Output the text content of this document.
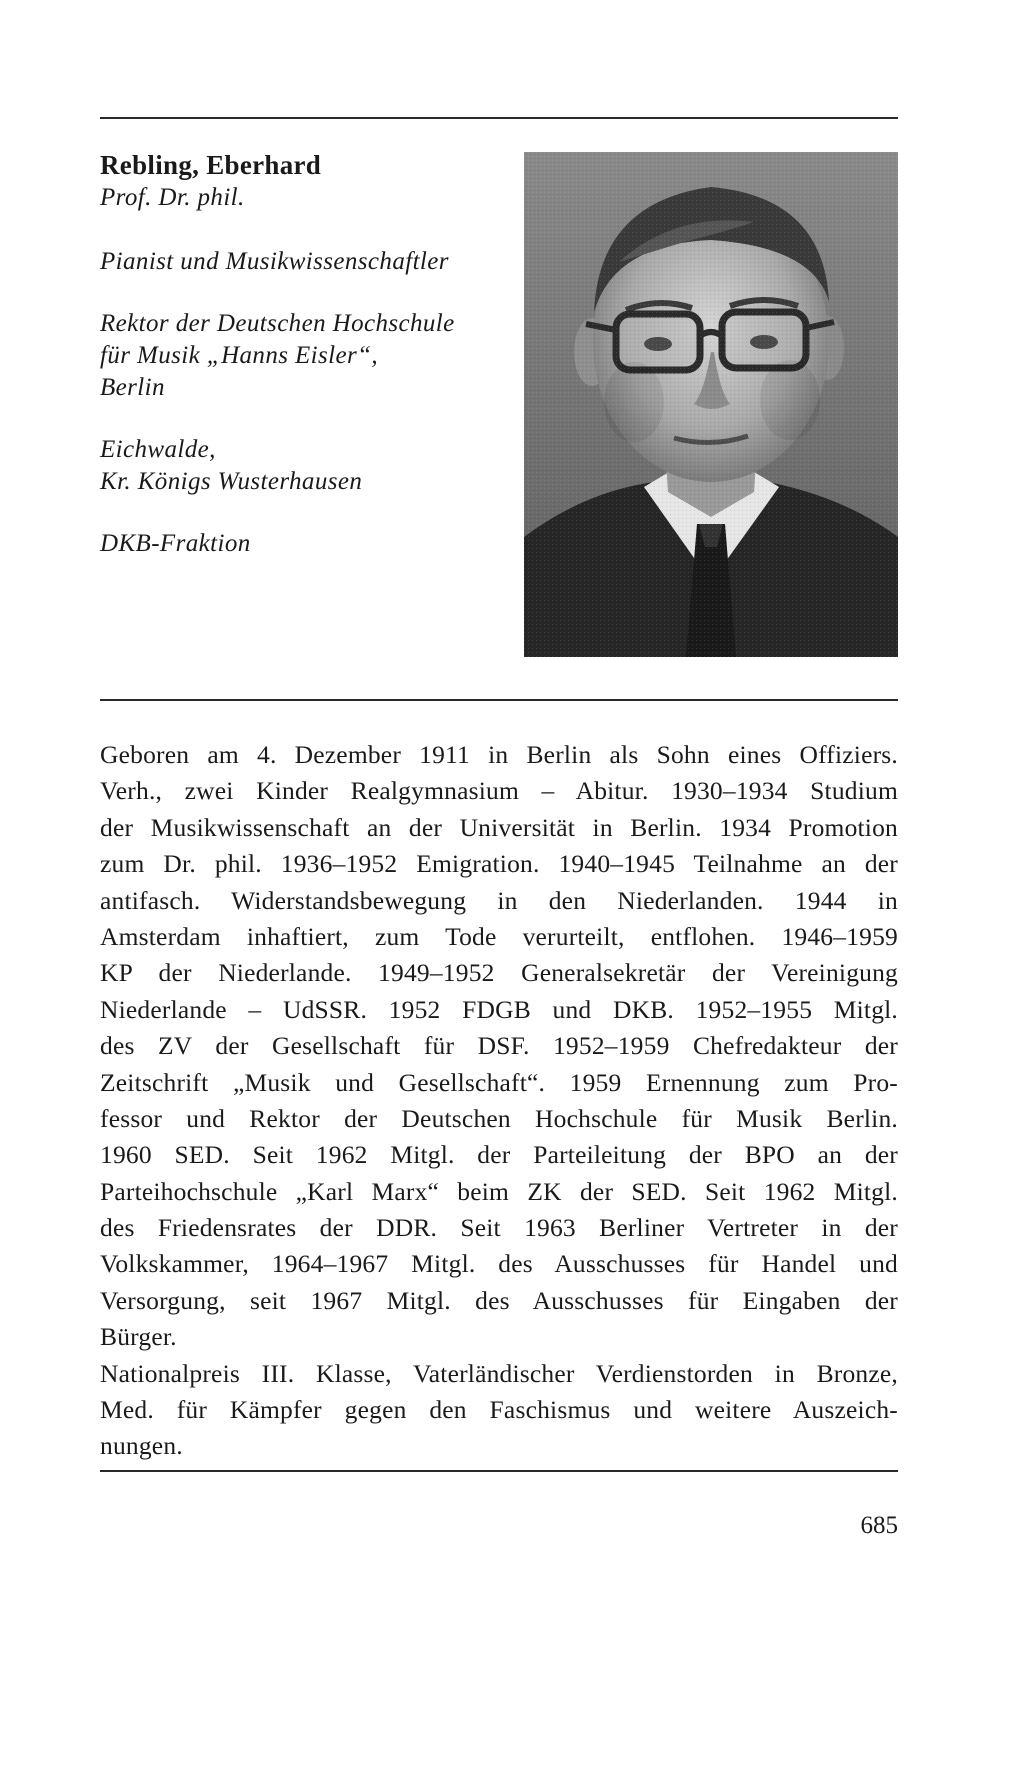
Rebling, Eberhard
Prof. Dr. phil.
Pianist und Musikwissenschaftler
Rektor der Deutschen Hochschule
für Musik „Hanns Eisler“,
Berlin
Eichwalde,
Kr. Königs Wusterhausen
DKB-Fraktion
Geboren am 4. Dezember 1911 in Berlin als Sohn eines Offiziers.
Verh., zwei Kinder Realgymnasium – Abitur. 1930–1934 Studium
der Musikwissenschaft an der Universität in Berlin. 1934 Promotion
zum Dr. phil. 1936–1952 Emigration. 1940–1945 Teilnahme an der
antifasch. Widerstandsbewegung in den Niederlanden. 1944 in
Amsterdam inhaftiert, zum Tode verurteilt, entflohen. 1946–1959
KP der Niederlande. 1949–1952 Generalsekretär der Vereinigung
Niederlande – UdSSR. 1952 FDGB und DKB. 1952–1955 Mitgl.
des ZV der Gesellschaft für DSF. 1952–1959 Chefredakteur der
Zeitschrift „Musik und Gesellschaft“. 1959 Ernennung zum Pro-
fessor und Rektor der Deutschen Hochschule für Musik Berlin.
1960 SED. Seit 1962 Mitgl. der Parteileitung der BPO an der
Parteihochschule „Karl Marx“ beim ZK der SED. Seit 1962 Mitgl.
des Friedensrates der DDR. Seit 1963 Berliner Vertreter in der
Volkskammer, 1964–1967 Mitgl. des Ausschusses für Handel und
Versorgung, seit 1967 Mitgl. des Ausschusses für Eingaben der
Bürger.
Nationalpreis III. Klasse, Vaterländischer Verdienstorden in Bronze,
Med. für Kämpfer gegen den Faschismus und weitere Auszeich-
nungen.
685
